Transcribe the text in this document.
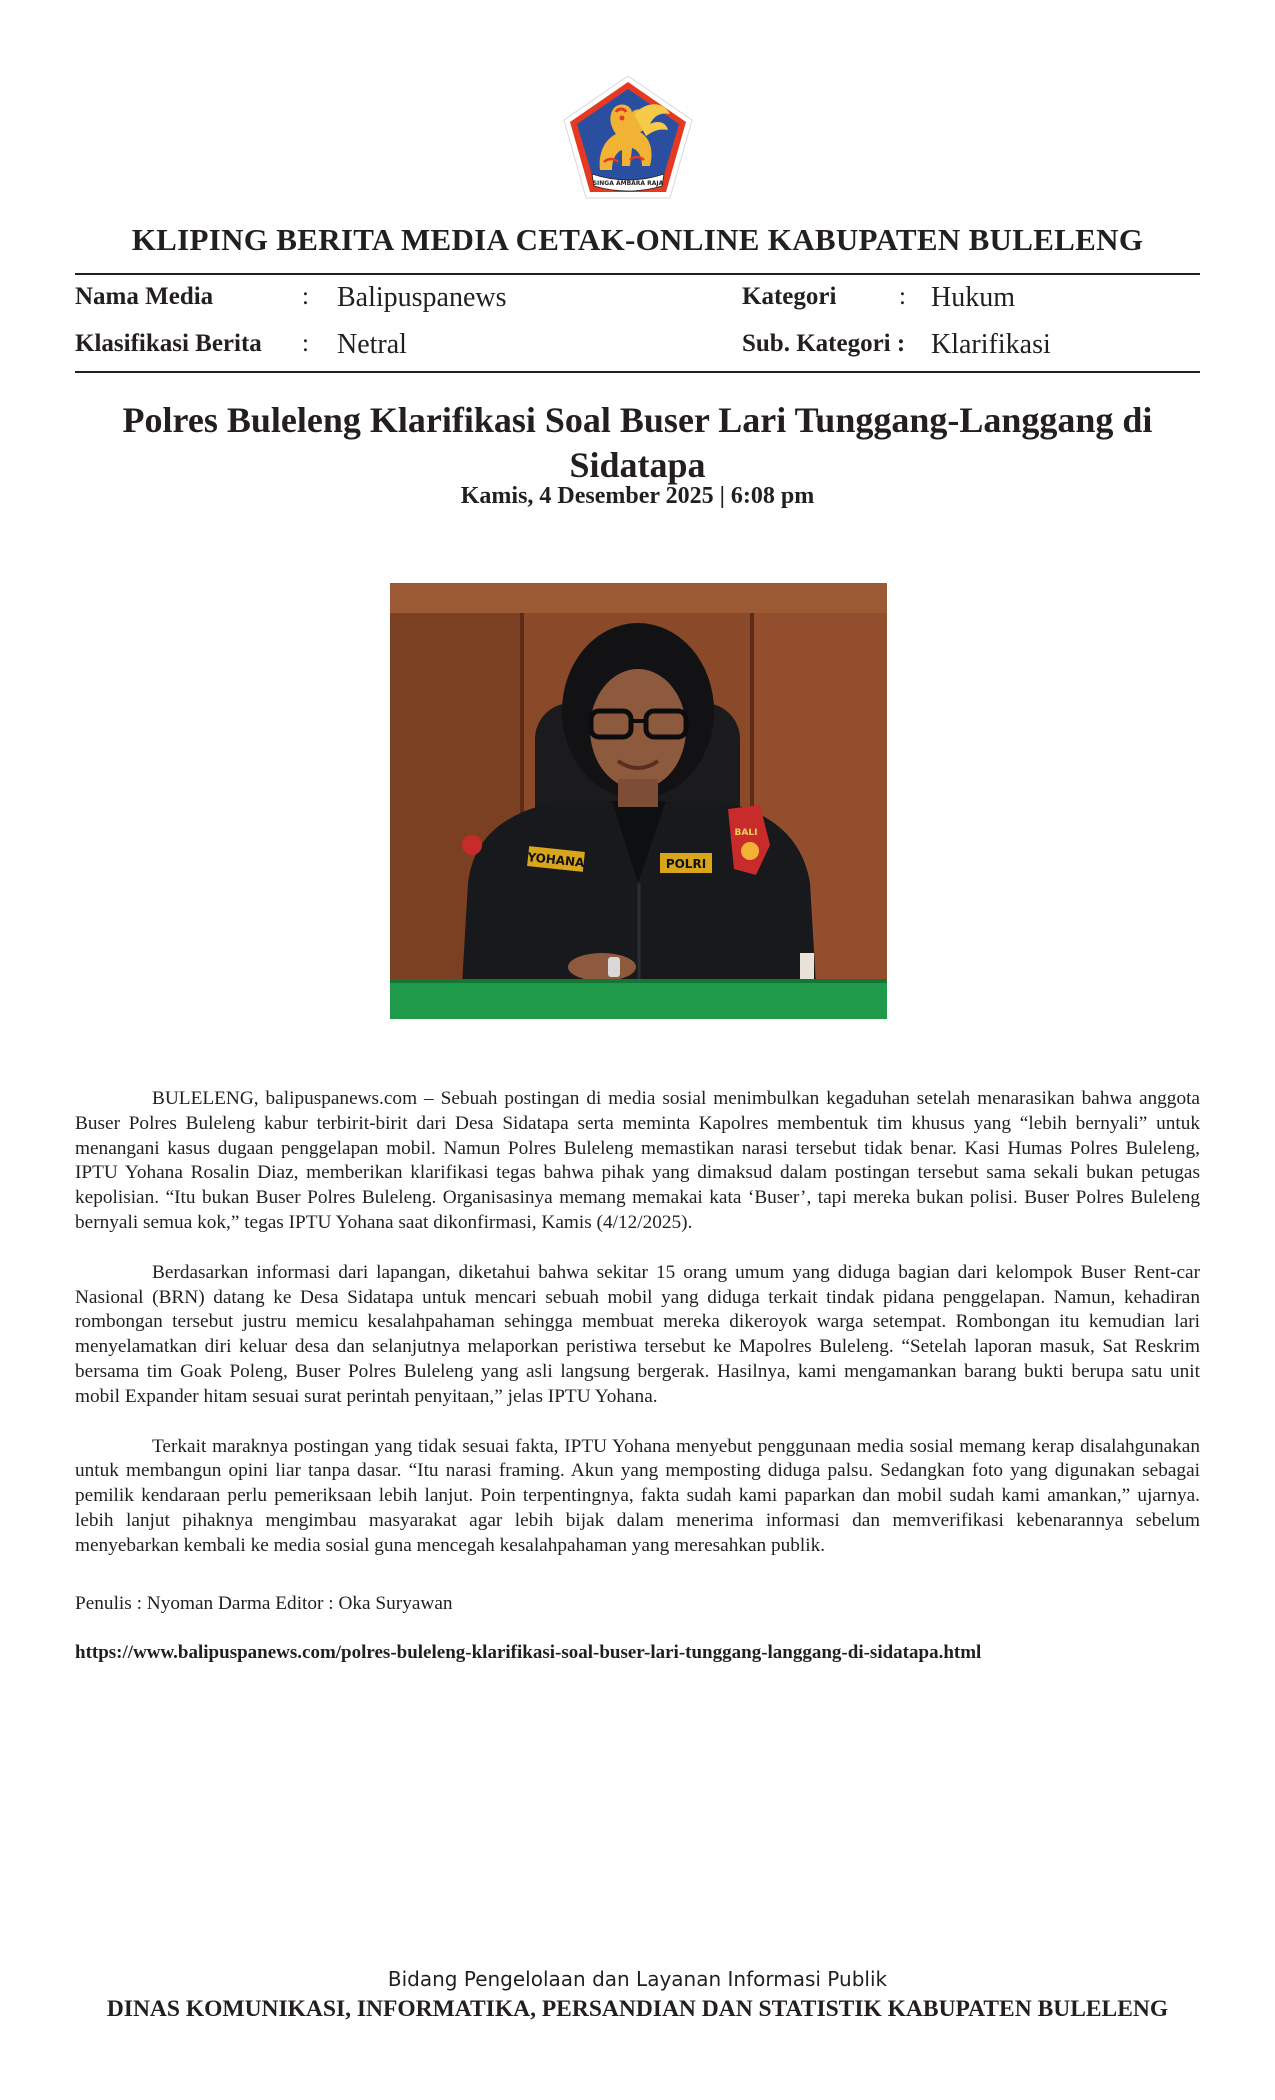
SINGA AMBARA RAJA
KLIPING BERITA MEDIA CETAK-ONLINE KABUPATEN BULELENG
Nama Media	: Balipuspanews	Kategori	: Hukum
Klasifikasi Berita : Netral	Sub. Kategori : Klarifikasi
Polres Buleleng Klarifikasi Soal Buser Lari Tunggang-Langgang di Sidatapa
Kamis, 4 Desember 2025 | 6:08 pm
YOHANA	POLRI
BALI

BULELENG, balipuspanews.com – Sebuah postingan di media sosial menimbulkan kegaduhan setelah menarasikan bahwa anggota Buser Polres Buleleng kabur terbirit-birit dari Desa Sidatapa serta meminta Kapolres membentuk tim khusus yang “lebih bernyali” untuk menangani kasus dugaan penggelapan mobil. Namun Polres Buleleng memastikan narasi tersebut tidak benar. Kasi Humas Polres Buleleng, IPTU Yohana Rosalin Diaz, memberikan klarifikasi tegas bahwa pihak yang dimaksud dalam postingan tersebut sama sekali bukan petugas kepolisian. “Itu bukan Buser Polres Buleleng. Organisasinya memang memakai kata ‘Buser’, tapi mereka bukan polisi. Buser Polres Buleleng bernyali semua kok,” tegas IPTU Yohana saat dikonfirmasi, Kamis (4/12/2025).

Berdasarkan informasi dari lapangan, diketahui bahwa sekitar 15 orang umum yang diduga bagian dari kelompok Buser Rent-car Nasional (BRN) datang ke Desa Sidatapa untuk mencari sebuah mobil yang diduga terkait tindak pidana penggelapan. Namun, kehadiran rombongan tersebut justru memicu kesalahpahaman sehingga membuat mereka dikeroyok warga setempat. Rombongan itu kemudian lari menyelamatkan diri keluar desa dan selanjutnya melaporkan peristiwa tersebut ke Mapolres Buleleng. “Setelah laporan masuk, Sat Reskrim bersama tim Goak Poleng, Buser Polres Buleleng yang asli langsung bergerak. Hasilnya, kami mengamankan barang bukti berupa satu unit mobil Expander hitam sesuai surat perintah penyitaan,” jelas IPTU Yohana.

Terkait maraknya postingan yang tidak sesuai fakta, IPTU Yohana menyebut penggunaan media sosial memang kerap disalahgunakan untuk membangun opini liar tanpa dasar. “Itu narasi framing. Akun yang memposting diduga palsu. Sedangkan foto yang digunakan sebagai pemilik kendaraan perlu pemeriksaan lebih lanjut. Poin terpentingnya, fakta sudah kami paparkan dan mobil sudah kami amankan,” ujarnya. lebih lanjut pihaknya mengimbau masyarakat agar lebih bijak dalam menerima informasi dan memverifikasi kebenarannya sebelum menyebarkan kembali ke media sosial guna mencegah kesalahpahaman yang meresahkan publik.

Penulis : Nyoman Darma Editor : Oka Suryawan
https://www.balipuspanews.com/polres-buleleng-klarifikasi-soal-buser-lari-tunggang-langgang-di-sidatapa.html
Bidang Pengelolaan dan Layanan Informasi Publik
DINAS KOMUNIKASI, INFORMATIKA, PERSANDIAN DAN STATISTIK KABUPATEN BULELENG
